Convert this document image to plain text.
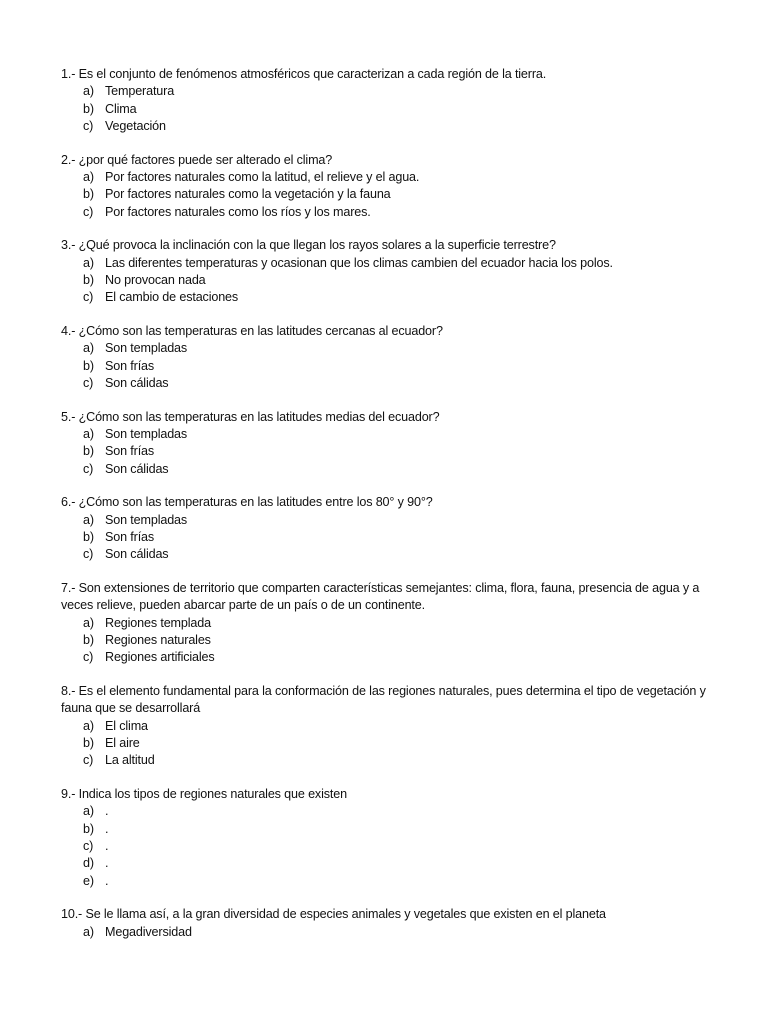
1.- Es el conjunto de fenómenos atmosféricos que caracterizan a cada región de la tierra.

a) Temperatura
b) Clima
c) Vegetación

2.- ¿por qué factores puede ser alterado el clima?

a) Por factores naturales como la latitud, el relieve y el agua.
b) Por factores naturales como la vegetación y la fauna
c) Por factores naturales como los ríos y los mares.

3.- ¿Qué provoca la inclinación con la que llegan los rayos solares a la superficie terrestre?

a) Las diferentes temperaturas y ocasionan que los climas cambien del ecuador hacia los polos.
b) No provocan nada
c) El cambio de estaciones

4.- ¿Cómo son las temperaturas en las latitudes cercanas al ecuador?

a) Son templadas
b) Son frías
c) Son cálidas

5.- ¿Cómo son las temperaturas en las latitudes medias del ecuador?

a) Son templadas
b) Son frías
c) Son cálidas

6.- ¿Cómo son las temperaturas en las latitudes entre los 80° y 90°?

a) Son templadas
b) Son frías
c) Son cálidas

7.- Son extensiones de territorio que comparten características semejantes: clima, flora, fauna, presencia de agua y a veces relieve, pueden abarcar parte de un país o de un continente.

a) Regiones templada
b) Regiones naturales
c) Regiones artificiales

8.- Es el elemento fundamental para la conformación de las regiones naturales, pues determina el tipo de vegetación y fauna que se desarrollará

a) El clima
b) El aire
c) La altitud

9.- Indica los tipos de regiones naturales que existen

a) .
b) .
c) .
d) .
e) .

10.- Se le llama así, a la gran diversidad de especies animales y vegetales que existen en el planeta

a) Megadiversidad
